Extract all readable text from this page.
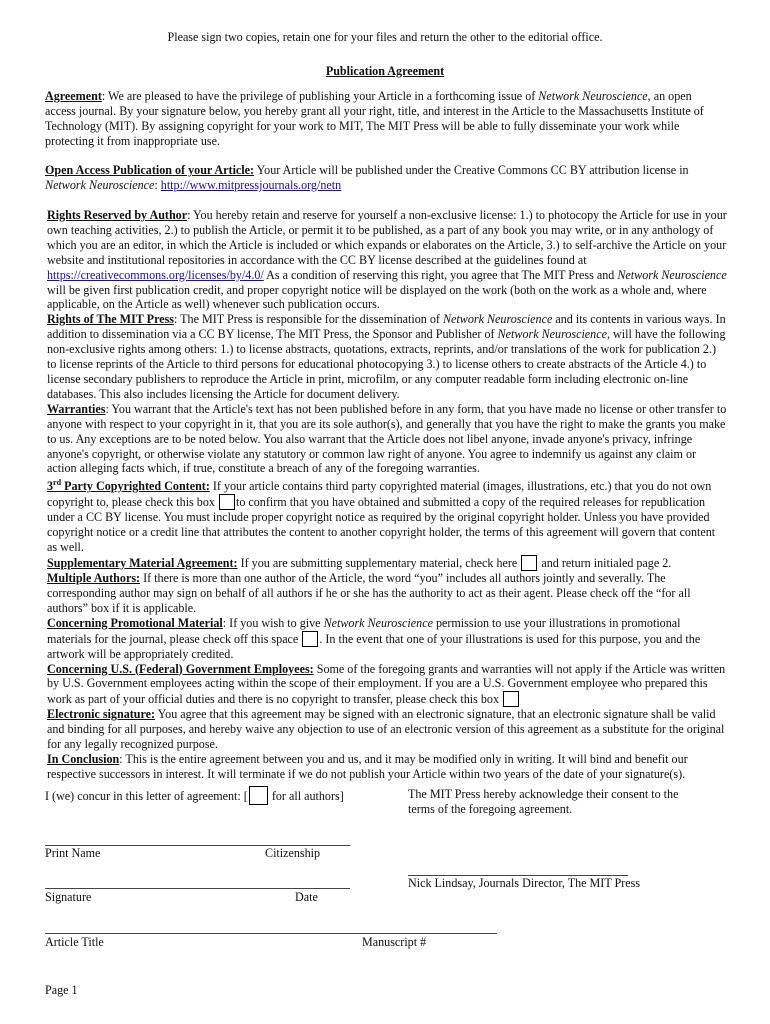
Please sign two copies, retain one for your files and return the other to the editorial office.
Publication Agreement

Agreement: We are pleased to have the privilege of publishing your Article in a forthcoming issue of Network Neuroscience, an open access journal. By your signature below, you hereby grant all your right, title, and interest in the Article to the Massachusetts Institute of Technology (MIT). By assigning copyright for your work to MIT, The MIT Press will be able to fully disseminate your work while protecting it from inappropriate use.

Open Access Publication of your Article: Your Article will be published under the Creative Commons CC BY attribution license in Network Neuroscience: http://www.mitpressjournals.org/netn

Rights Reserved by Author: You hereby retain and reserve for yourself a non-exclusive license: 1.) to photocopy the Article for use in your own teaching activities, 2.) to publish the Article, or permit it to be published, as a part of any book you may write, or in any anthology of which you are an editor, in which the Article is included or which expands or elaborates on the Article, 3.) to self-archive the Article on your website and institutional repositories in accordance with the CC BY license described at the guidelines found at https://creativecommons.org/licenses/by/4.0/ As a condition of reserving this right, you agree that The MIT Press and Network Neuroscience will be given first publication credit, and proper copyright notice will be displayed on the work (both on the work as a whole and, where applicable, on the Article as well) whenever such publication occurs.

Rights of The MIT Press: The MIT Press is responsible for the dissemination of Network Neuroscience and its contents in various ways. In addition to dissemination via a CC BY license, The MIT Press, the Sponsor and Publisher of Network Neuroscience, will have the following non-exclusive rights among others: 1.) to license abstracts, quotations, extracts, reprints, and/or translations of the work for publication 2.) to license reprints of the Article to third persons for educational photocopying 3.) to license others to create abstracts of the Article 4.) to license secondary publishers to reproduce the Article in print, microfilm, or any computer readable form including electronic on-line databases. This also includes licensing the Article for document delivery.

Warranties: You warrant that the Article's text has not been published before in any form, that you have made no license or other transfer to anyone with respect to your copyright in it, that you are its sole author(s), and generally that you have the right to make the grants you make to us. Any exceptions are to be noted below. You also warrant that the Article does not libel anyone, invade anyone's privacy, infringe anyone's copyright, or otherwise violate any statutory or common law right of anyone. You agree to indemnify us against any claim or action alleging facts which, if true, constitute a breach of any of the foregoing warranties.

3rd Party Copyrighted Content: If your article contains third party copyrighted material (images, illustrations, etc.) that you do not own copyright to, please check this box to confirm that you have obtained and submitted a copy of the required releases for republication under a CC BY license. You must include proper copyright notice as required by the original copyright holder. Unless you have provided copyright notice or a credit line that attributes the content to another copyright holder, the terms of this agreement will govern that content as well.

Supplementary Material Agreement: If you are submitting supplementary material, check here  and return initialed page 2.

Multiple Authors: If there is more than one author of the Article, the word “you” includes all authors jointly and severally. The corresponding author may sign on behalf of all authors if he or she has the authority to act as their agent. Please check off the “for all authors” box if it is applicable.

Concerning Promotional Material: If you wish to give Network Neuroscience permission to use your illustrations in promotional materials for the journal, please check off this space . In the event that one of your illustrations is used for this purpose, you and the artwork will be appropriately credited.

Concerning U.S. (Federal) Government Employees: Some of the foregoing grants and warranties will not apply if the Article was written by U.S. Government employees acting within the scope of their employment. If you are a U.S. Government employee who prepared this work as part of your official duties and there is no copyright to transfer, please check this box

Electronic signature: You agree that this agreement may be signed with an electronic signature, that an electronic signature shall be valid and binding for all purposes, and hereby waive any objection to use of an electronic version of this agreement as a substitute for the original for any legally recognized purpose.

In Conclusion: This is the entire agreement between you and us, and it may be modified only in writing. It will bind and benefit our respective successors in interest. It will terminate if we do not publish your Article within two years of the date of your signature(s).

I (we) concur in this letter of agreement: [ for all authors]	The MIT Press hereby acknowledge their consent to the terms of the foregoing agreement.
Print Name	Citizenship
Nick Lindsay, Journals Director, The MIT Press
Signature	Date
Article Title	Manuscript #
Page 1
